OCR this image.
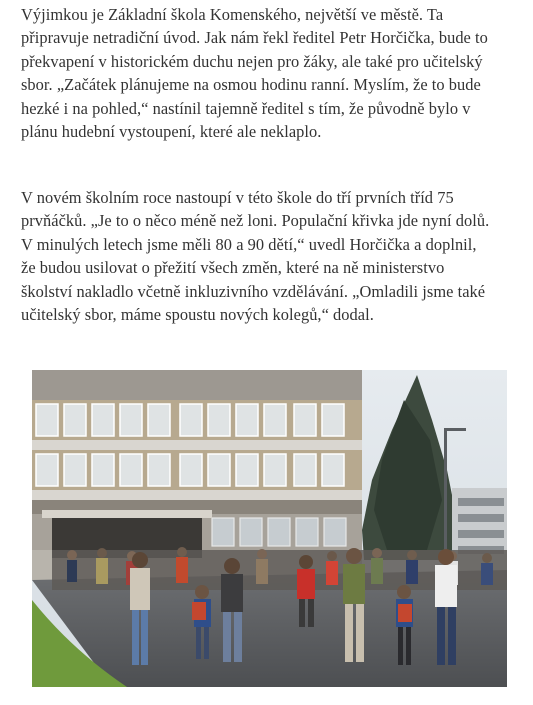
Výjimkou je Základní škola Komenského, největší ve městě. Ta připravuje netradiční úvod. Jak nám řekl ředitel Petr Horčička, bude to překvapení v historickém duchu nejen pro žáky, ale také pro učitelský sbor. „Začátek plánujeme na osmou hodinu ranní. Myslím, že to bude hezké i na pohled,“ nastínil tajemně ředitel s tím, že původně bylo v plánu hudební vystoupení, které ale neklaplo.

V novém školním roce nastoupí v této škole do tří prvních tříd 75 prvňáčků. „Je to o něco méně než loni. Populační křivka jde nyní dolů. V minulých letech jsme měli 80 a 90 dětí,“ uvedl Horčička a doplnil, že budou usilovat o přežití všech změn, které na ně ministerstvo školství nakladlo včetně inkluzivního vzdělávání. „Omladili jsme také učitelský sbor, máme spoustu nových kolegů,“ dodal.
